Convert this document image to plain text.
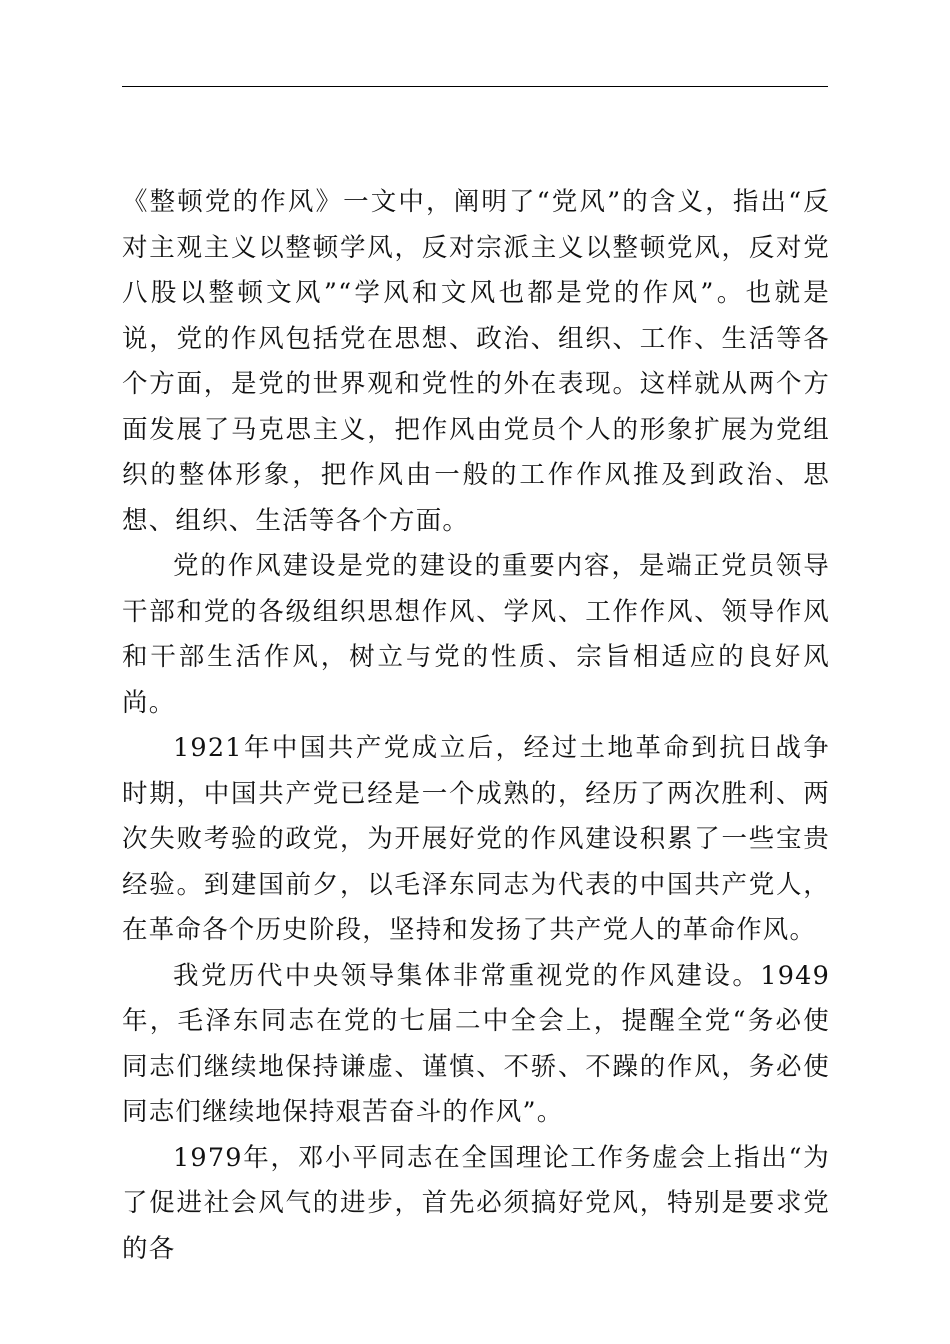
《整顿党的作风》一文中，阐明了“党风”的含义，指出“反对主观主义以整顿学风，反对宗派主义以整顿党风，反对党八股以整顿文风”“学风和文风也都是党的作风”。也就是说，党的作风包括党在思想、政治、组织、工作、生活等各个方面，是党的世界观和党性的外在表现。这样就从两个方面发展了马克思主义，把作风由党员个人的形象扩展为党组织的整体形象，把作风由一般的工作作风推及到政治、思想、组织、生活等各个方面。

党的作风建设是党的建设的重要内容，是端正党员领导干部和党的各级组织思想作风、学风、工作作风、领导作风和干部生活作风，树立与党的性质、宗旨相适应的良好风尚。

1921年中国共产党成立后，经过土地革命到抗日战争时期，中国共产党已经是一个成熟的，经历了两次胜利、两次失败考验的政党，为开展好党的作风建设积累了一些宝贵经验。到建国前夕，以毛泽东同志为代表的中国共产党人，在革命各个历史阶段，坚持和发扬了共产党人的革命作风。

我党历代中央领导集体非常重视党的作风建设。1949年，毛泽东同志在党的七届二中全会上，提醒全党“务必使同志们继续地保持谦虚、谨慎、不骄、不躁的作风，务必使同志们继续地保持艰苦奋斗的作风”。

1979年，邓小平同志在全国理论工作务虚会上指出“为了促进社会风气的进步，首先必须搞好党风，特别是要求党的各
